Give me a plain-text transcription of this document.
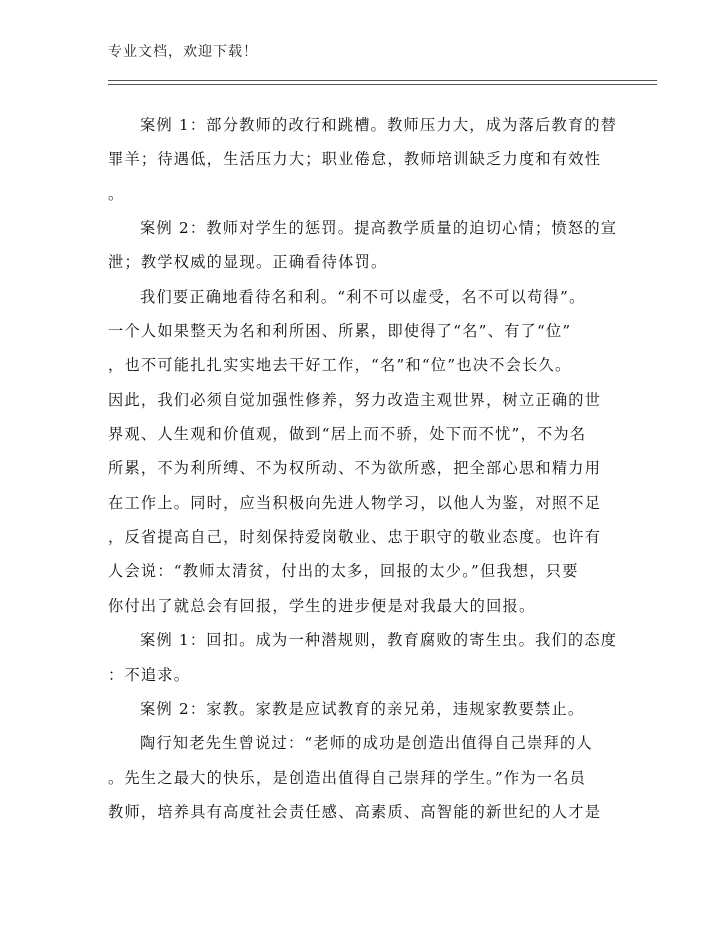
专业文档，欢迎下载！
案例 1：部分教师的改行和跳槽。教师压力大，成为落后教育的替
罪羊；待遇低，生活压力大；职业倦怠，教师培训缺乏力度和有效性
。
案例 2：教师对学生的惩罚。提高教学质量的迫切心情；愤怒的宣
泄；教学权威的显现。正确看待体罚。
我们要正确地看待名和利。“利不可以虚受，名不可以苟得”。
一个人如果整天为名和利所困、所累，即使得了“名”、有了“位”
，也不可能扎扎实实地去干好工作，“名”和“位”也决不会长久。
因此，我们必须自觉加强性修养，努力改造主观世界，树立正确的世
界观、人生观和价值观，做到“居上而不骄，处下而不忧”，不为名
所累，不为利所缚、不为权所动、不为欲所惑，把全部心思和精力用
在工作上。同时，应当积极向先进人物学习，以他人为鉴，对照不足
，反省提高自己，时刻保持爱岗敬业、忠于职守的敬业态度。也许有
人会说：“教师太清贫，付出的太多，回报的太少。”但我想，只要
你付出了就总会有回报，学生的进步便是对我最大的回报。
案例 1：回扣。成为一种潜规则，教育腐败的寄生虫。我们的态度
：不追求。
案例 2：家教。家教是应试教育的亲兄弟，违规家教要禁止。
陶行知老先生曾说过：“老师的成功是创造出值得自己崇拜的人
。先生之最大的快乐，是创造出值得自己崇拜的学生。”作为一名员
教师，培养具有高度社会责任感、高素质、高智能的新世纪的人才是
